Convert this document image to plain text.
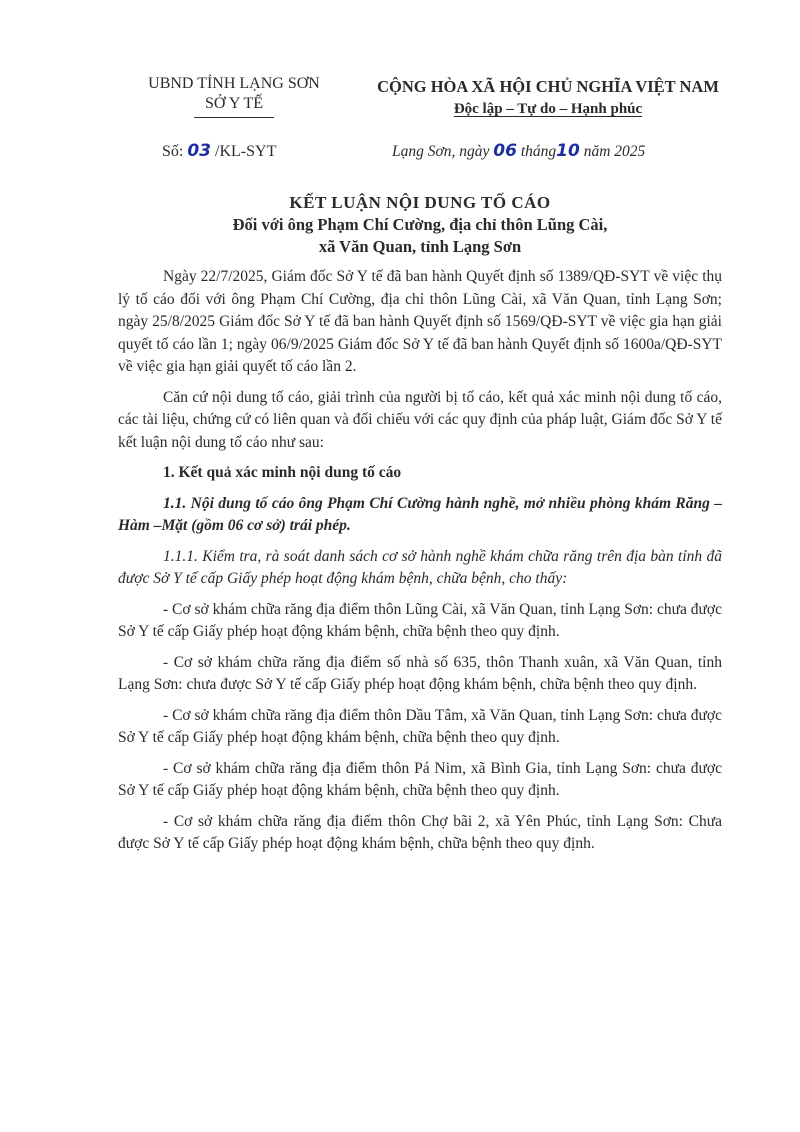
UBND TỈNH LẠNG SƠN
SỞ Y TẾ
CỘNG HÒA XÃ HỘI CHỦ NGHĨA VIỆT NAM
Độc lập – Tự do – Hạnh phúc
Số: 03 /KL-SYT	Lạng Sơn, ngày 06 tháng10 năm 2025
KẾT LUẬN NỘI DUNG TỐ CÁO
Đối với ông Phạm Chí Cường, địa chỉ thôn Lũng Cài,
xã Văn Quan, tỉnh Lạng Sơn

Ngày 22/7/2025, Giám đốc Sở Y tế đã ban hành Quyết định số 1389/QĐ-SYT về việc thụ lý tố cáo đối với ông Phạm Chí Cường, địa chỉ thôn Lũng Cài, xã Văn Quan, tỉnh Lạng Sơn; ngày 25/8/2025 Giám đốc Sở Y tế đã ban hành Quyết định số 1569/QĐ-SYT về việc gia hạn giải quyết tố cáo lần 1; ngày 06/9/2025 Giám đốc Sở Y tế đã ban hành Quyết định số 1600a/QĐ-SYT về việc gia hạn giải quyết tố cáo lần 2.

Căn cứ nội dung tố cáo, giải trình của người bị tố cáo, kết quả xác minh nội dung tố cáo, các tài liệu, chứng cứ có liên quan và đối chiếu với các quy định của pháp luật, Giám đốc Sở Y tế kết luận nội dung tố cáo như sau:

1. Kết quả xác minh nội dung tố cáo

1.1. Nội dung tố cáo ông Phạm Chí Cường hành nghề, mở nhiều phòng khám Răng – Hàm –Mặt (gồm 06 cơ sở) trái phép.

1.1.1. Kiểm tra, rà soát danh sách cơ sở hành nghề khám chữa răng trên địa bàn tỉnh đã được Sở Y tế cấp Giấy phép hoạt động khám bệnh, chữa bệnh, cho thấy:

- Cơ sở khám chữa răng địa điểm thôn Lũng Cài, xã Văn Quan, tỉnh Lạng Sơn: chưa được Sở Y tế cấp Giấy phép hoạt động khám bệnh, chữa bệnh theo quy định.

- Cơ sở khám chữa răng địa điểm số nhà số 635, thôn Thanh xuân, xã Văn Quan, tỉnh Lạng Sơn: chưa được Sở Y tế cấp Giấy phép hoạt động khám bệnh, chữa bệnh theo quy định.

- Cơ sở khám chữa răng địa điểm thôn Dầu Tâm, xã Văn Quan, tỉnh Lạng Sơn: chưa được Sở Y tế cấp Giấy phép hoạt động khám bệnh, chữa bệnh theo quy định.

- Cơ sở khám chữa răng địa điểm thôn Pá Nim, xã Bình Gia, tỉnh Lạng Sơn: chưa được Sở Y tế cấp Giấy phép hoạt động khám bệnh, chữa bệnh theo quy định.

- Cơ sở khám chữa răng địa điểm thôn Chợ bãi 2, xã Yên Phúc, tỉnh Lạng Sơn: Chưa được Sở Y tế cấp Giấy phép hoạt động khám bệnh, chữa bệnh theo quy định.
